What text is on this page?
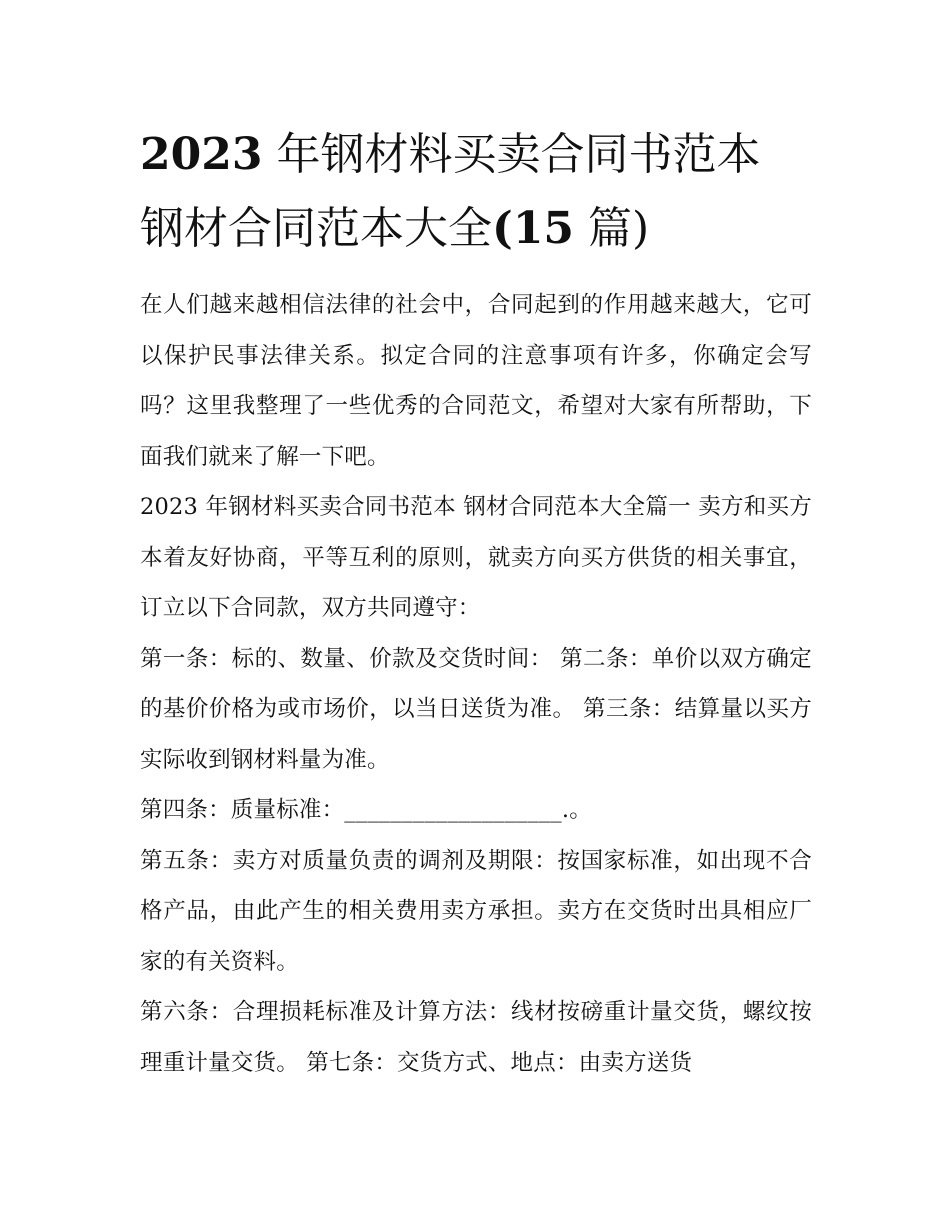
2023 年钢材料买卖合同书范本
钢材合同范本大全(15 篇)

在人们越来越相信法律的社会中，合同起到的作用越来越大，它可以保护民事法律关系。拟定合同的注意事项有许多，你确定会写吗？这里我整理了一些优秀的合同范文，希望对大家有所帮助，下面我们就来了解一下吧。

2023 年钢材料买卖合同书范本 钢材合同范本大全篇一 卖方和买方本着友好协商，平等互利的原则，就卖方向买方供货的相关事宜，订立以下合同款，双方共同遵守：

第一条：标的、数量、价款及交货时间： 第二条：单价以双方确定的基价价格为或市场价，以当日送货为准。 第三条：结算量以买方实际收到钢材料量为准。

第四条：质量标准：___________________.。

第五条：卖方对质量负责的调剂及期限：按国家标准，如出现不合格产品，由此产生的相关费用卖方承担。卖方在交货时出具相应厂家的有关资料。

第六条：合理损耗标准及计算方法：线材按磅重计量交货，螺纹按理重计量交货。 第七条：交货方式、地点：由卖方送货
